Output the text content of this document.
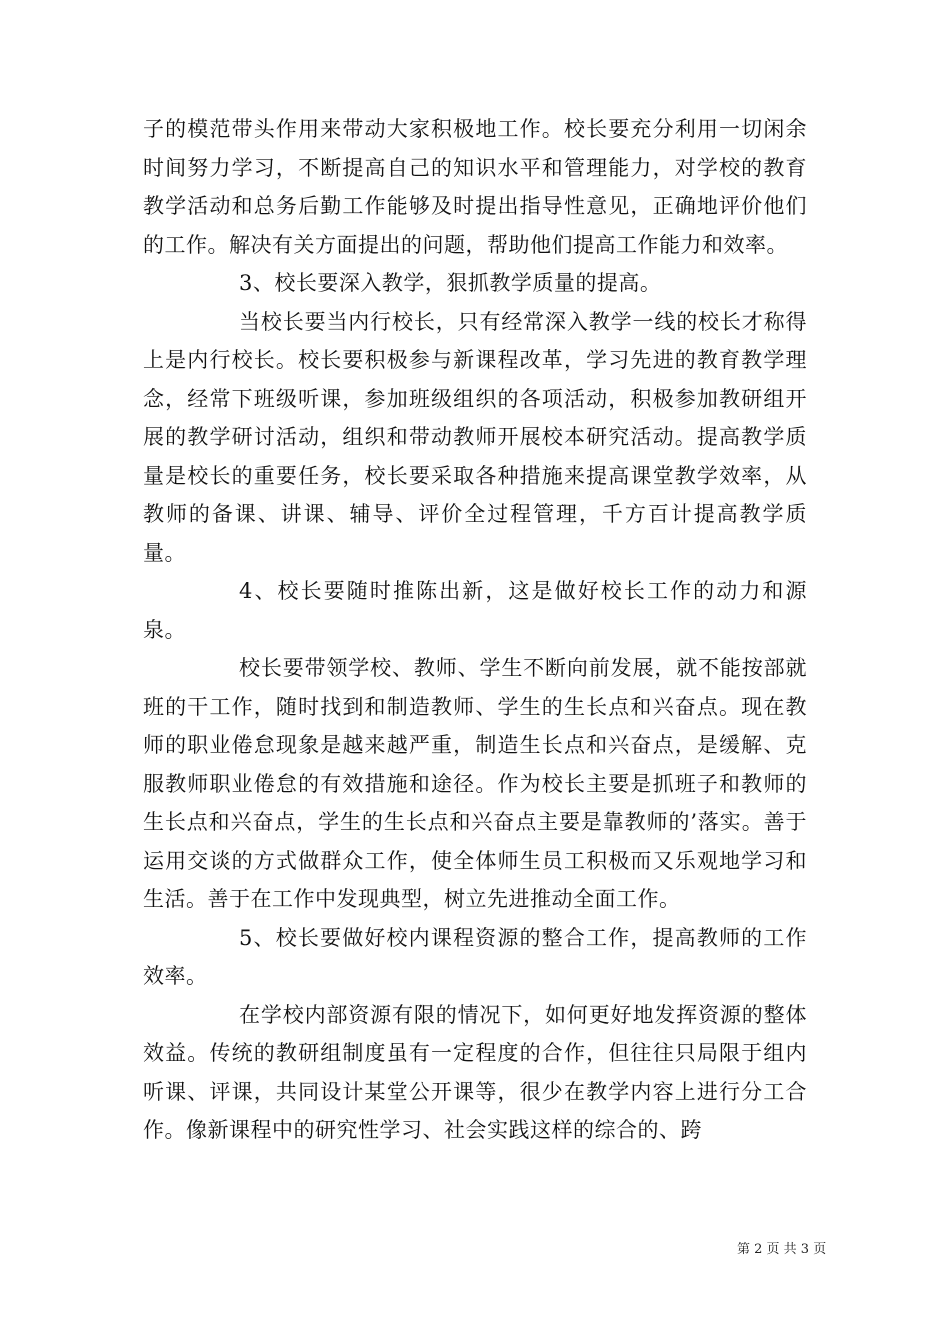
子的模范带头作用来带动大家积极地工作。校长要充分利用一切闲余时间努力学习，不断提高自己的知识水平和管理能力，对学校的教育教学活动和总务后勤工作能够及时提出指导性意见，正确地评价他们的工作。解决有关方面提出的问题，帮助他们提高工作能力和效率。

3、校长要深入教学，狠抓教学质量的提高。

当校长要当内行校长，只有经常深入教学一线的校长才称得上是内行校长。校长要积极参与新课程改革，学习先进的教育教学理念，经常下班级听课，参加班级组织的各项活动，积极参加教研组开展的教学研讨活动，组织和带动教师开展校本研究活动。提高教学质量是校长的重要任务，校长要采取各种措施来提高课堂教学效率，从教师的备课、讲课、辅导、评价全过程管理，千方百计提高教学质量。

4、校长要随时推陈出新，这是做好校长工作的动力和源泉。

校长要带领学校、教师、学生不断向前发展，就不能按部就班的干工作，随时找到和制造教师、学生的生长点和兴奋点。现在教师的职业倦怠现象是越来越严重，制造生长点和兴奋点，是缓解、克服教师职业倦怠的有效措施和途径。作为校长主要是抓班子和教师的生长点和兴奋点，学生的生长点和兴奋点主要是靠教师的’落实。善于运用交谈的方式做群众工作，使全体师生员工积极而又乐观地学习和生活。善于在工作中发现典型，树立先进推动全面工作。

5、校长要做好校内课程资源的整合工作，提高教师的工作效率。

在学校内部资源有限的情况下，如何更好地发挥资源的整体效益。传统的教研组制度虽有一定程度的合作，但往往只局限于组内听课、评课，共同设计某堂公开课等，很少在教学内容上进行分工合作。像新课程中的研究性学习、社会实践这样的综合的、跨

第 2 页 共 3 页
